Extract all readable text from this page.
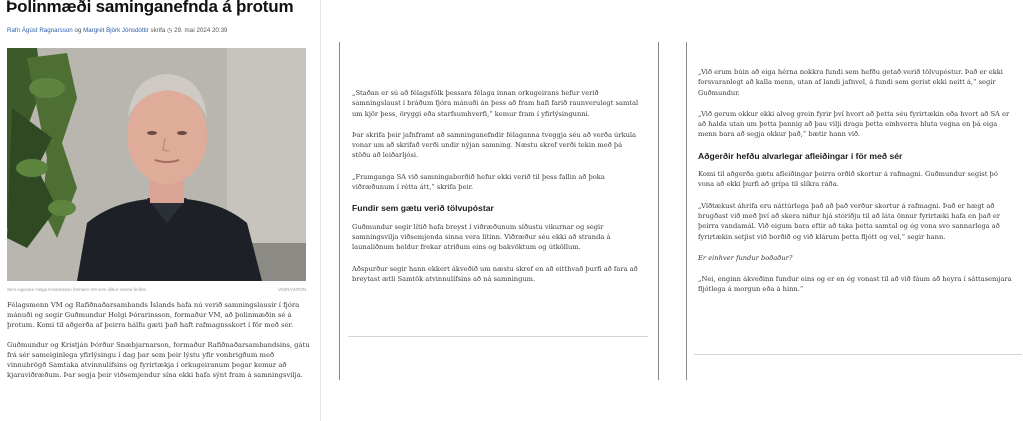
Þolinmæði saminganefnda á þrotum
Rafn Ágúst Ragnarsson og Margrét Björk Jónsdóttir skrifa ◷ 29. maí 2024 20:39
Sem eigendur Helga Þórarinsson formann VM sem ólíkur seinna ferðist.	VÍSIR/ANTON

Félagsmenn VM og Rafiðnaðarsambands Íslands hafa nú verið samningslausir í fjóra mánuði og segir Guðmundur Helgi Þórarinsson, formaður VM, að þolinmæðin sé á þrotum. Komi til aðgerða af þeirra hálfu gæti það haft rafmagnsskort í för með sér.

Guðmundur og Kristján Þórður Snæbjarnarson, formaður Rafiðnaðarsambandsins, gátu frá sér sameiginlega yfirlýsingu í dag þar sem þeir lýstu yfir vonbrigðum með vinnubrögð Samtaka atvinnulífsins og fyrirtækja í orkugeiranum þegar kemur að kjaraviðræðum. Þar segja þeir viðsemjendur sína ekki hafa sýnt fram á samningsvilja.

„Staðan er sú að félagsfólk þessara félaga innan orkugeirans hefur verið samningslaust í bráðum fjóra mánuði án þess að fram hafi farið raunverulegt samtal um kjör þess, öryggi eða starfsumhverfi,“ kemur fram í yfirlýsingunni.

Þar skrifa þeir jafnframt að samninganefndir félaganna tveggja séu að verða úrkula vonar um að skrifað verði undir nýjan samning. Næstu skref verði tekin með þá stöðu að leiðarljósi.

„Framganga SA við samningaborðið hefur ekki verið til þess fallin að þoka viðræðunum í rétta átt,“ skrifa þeir.

Fundir sem gætu verið tölvupóstar

Guðmundur segir lítið hafa breyst í viðræðunum síðustu vikurnar og segir samningsvilja viðsemjenda sinna vera lítinn. Viðræður séu ekki að stranda á launaliðnum heldur frekar atriðum eins og bakvöktum og útköllum.

Aðspurður segir hann ekkert ákveðið um næstu skref en að eitthvað þurfi að fara að breytast ætli Samtök atvinnulífsins að ná samningum.

„Við erum búin að eiga hérna nokkra fundi sem hefðu getað verið tölvupóstur. Það er ekki forsvaranlegt að kalla menn, utan af landi jafnvel, á fundi sem gerist ekki neitt á,“ segir Guðmundur.

„Við gerum okkur ekki alveg grein fyrir því hvort að þetta séu fyrirtækin eða hvort að SA er að halda utan um þetta þannig að þau vilji draga þetta einhverra hluta vegna en þá eiga menn bara að segja okkur það,“ bætir hann við.

Aðgerðir hefðu alvarlegar afleiðingar í för með sér

Komi til aðgerða gætu afleiðingar þeirra orðið skortur á rafmagni. Guðmundur segist þó vona að ekki þurfi að grípa til slíkra ráða.

„Víðtækust áhrifa eru náttúrlega það að það verður skortur á rafmagni. Það er hægt að brugðast við með því að skera niður hjá stóriðju til að láta önnur fyrirtæki hafa en það er þeirra vandamál. Við eigum bara eftir að taka þetta samtal og ég vona svo sannarlega að fyrirtækin setjist við borðið og við klárum þetta fljótt og vel,“ segir hann.

Er einhver fundur boðaður?

„Nei, enginn ákveðinn fundur eins og er en ég vonast til að við fáum að heyra í sáttasemjara fljótlega á morgun eða á hinn.“
